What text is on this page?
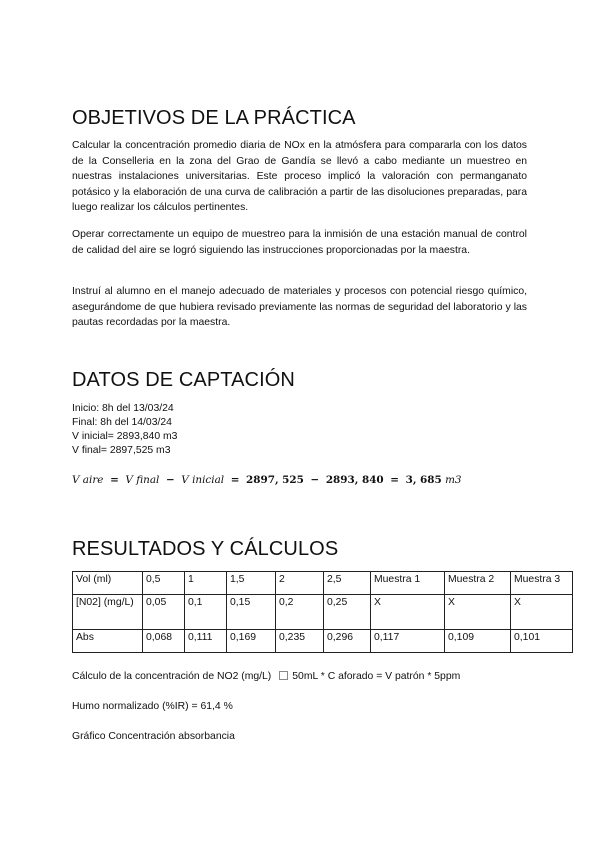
OBJETIVOS DE LA PRÁCTICA

Calcular la concentración promedio diaria de NOx en la atmósfera para compararla con los datos de la Conselleria en la zona del Grao de Gandía se llevó a cabo mediante un muestreo en nuestras instalaciones universitarias. Este proceso implicó la valoración con permanganato potásico y la elaboración de una curva de calibración a partir de las disoluciones preparadas, para luego realizar los cálculos pertinentes.

Operar correctamente un equipo de muestreo para la inmisión de una estación manual de control de calidad del aire se logró siguiendo las instrucciones proporcionadas por la maestra.

Instruí al alumno en el manejo adecuado de materiales y procesos con potencial riesgo químico, asegurándome de que hubiera revisado previamente las normas de seguridad del laboratorio y las pautas recordadas por la maestra.

DATOS DE CAPTACIÓN

Inicio: 8h del 13/03/24

Final: 8h del 14/03/24

V inicial= 2893,840 m3

V final= 2897,525 m3

V aire = V final − V inicial = 2897, 525 − 2893, 840 = 3, 685 m3
RESULTADOS Y CÁLCULOS
Vol (ml)	0,5	1	1,5	2	2,5	Muestra 1	Muestra 2	Muestra 3
[N02] (mg/L)	0,05	0,1	0,15	0,2	0,25	X	X	X
Abs	0,068	0,111	0,169	0,235	0,296	0,117	0,109	0,101

Cálculo de la concentración de NO2 (mg/L) 50mL * C aforado = V patrón * 5ppm

Humo normalizado (%IR) = 61,4 %

Gráfico Concentración absorbancia
